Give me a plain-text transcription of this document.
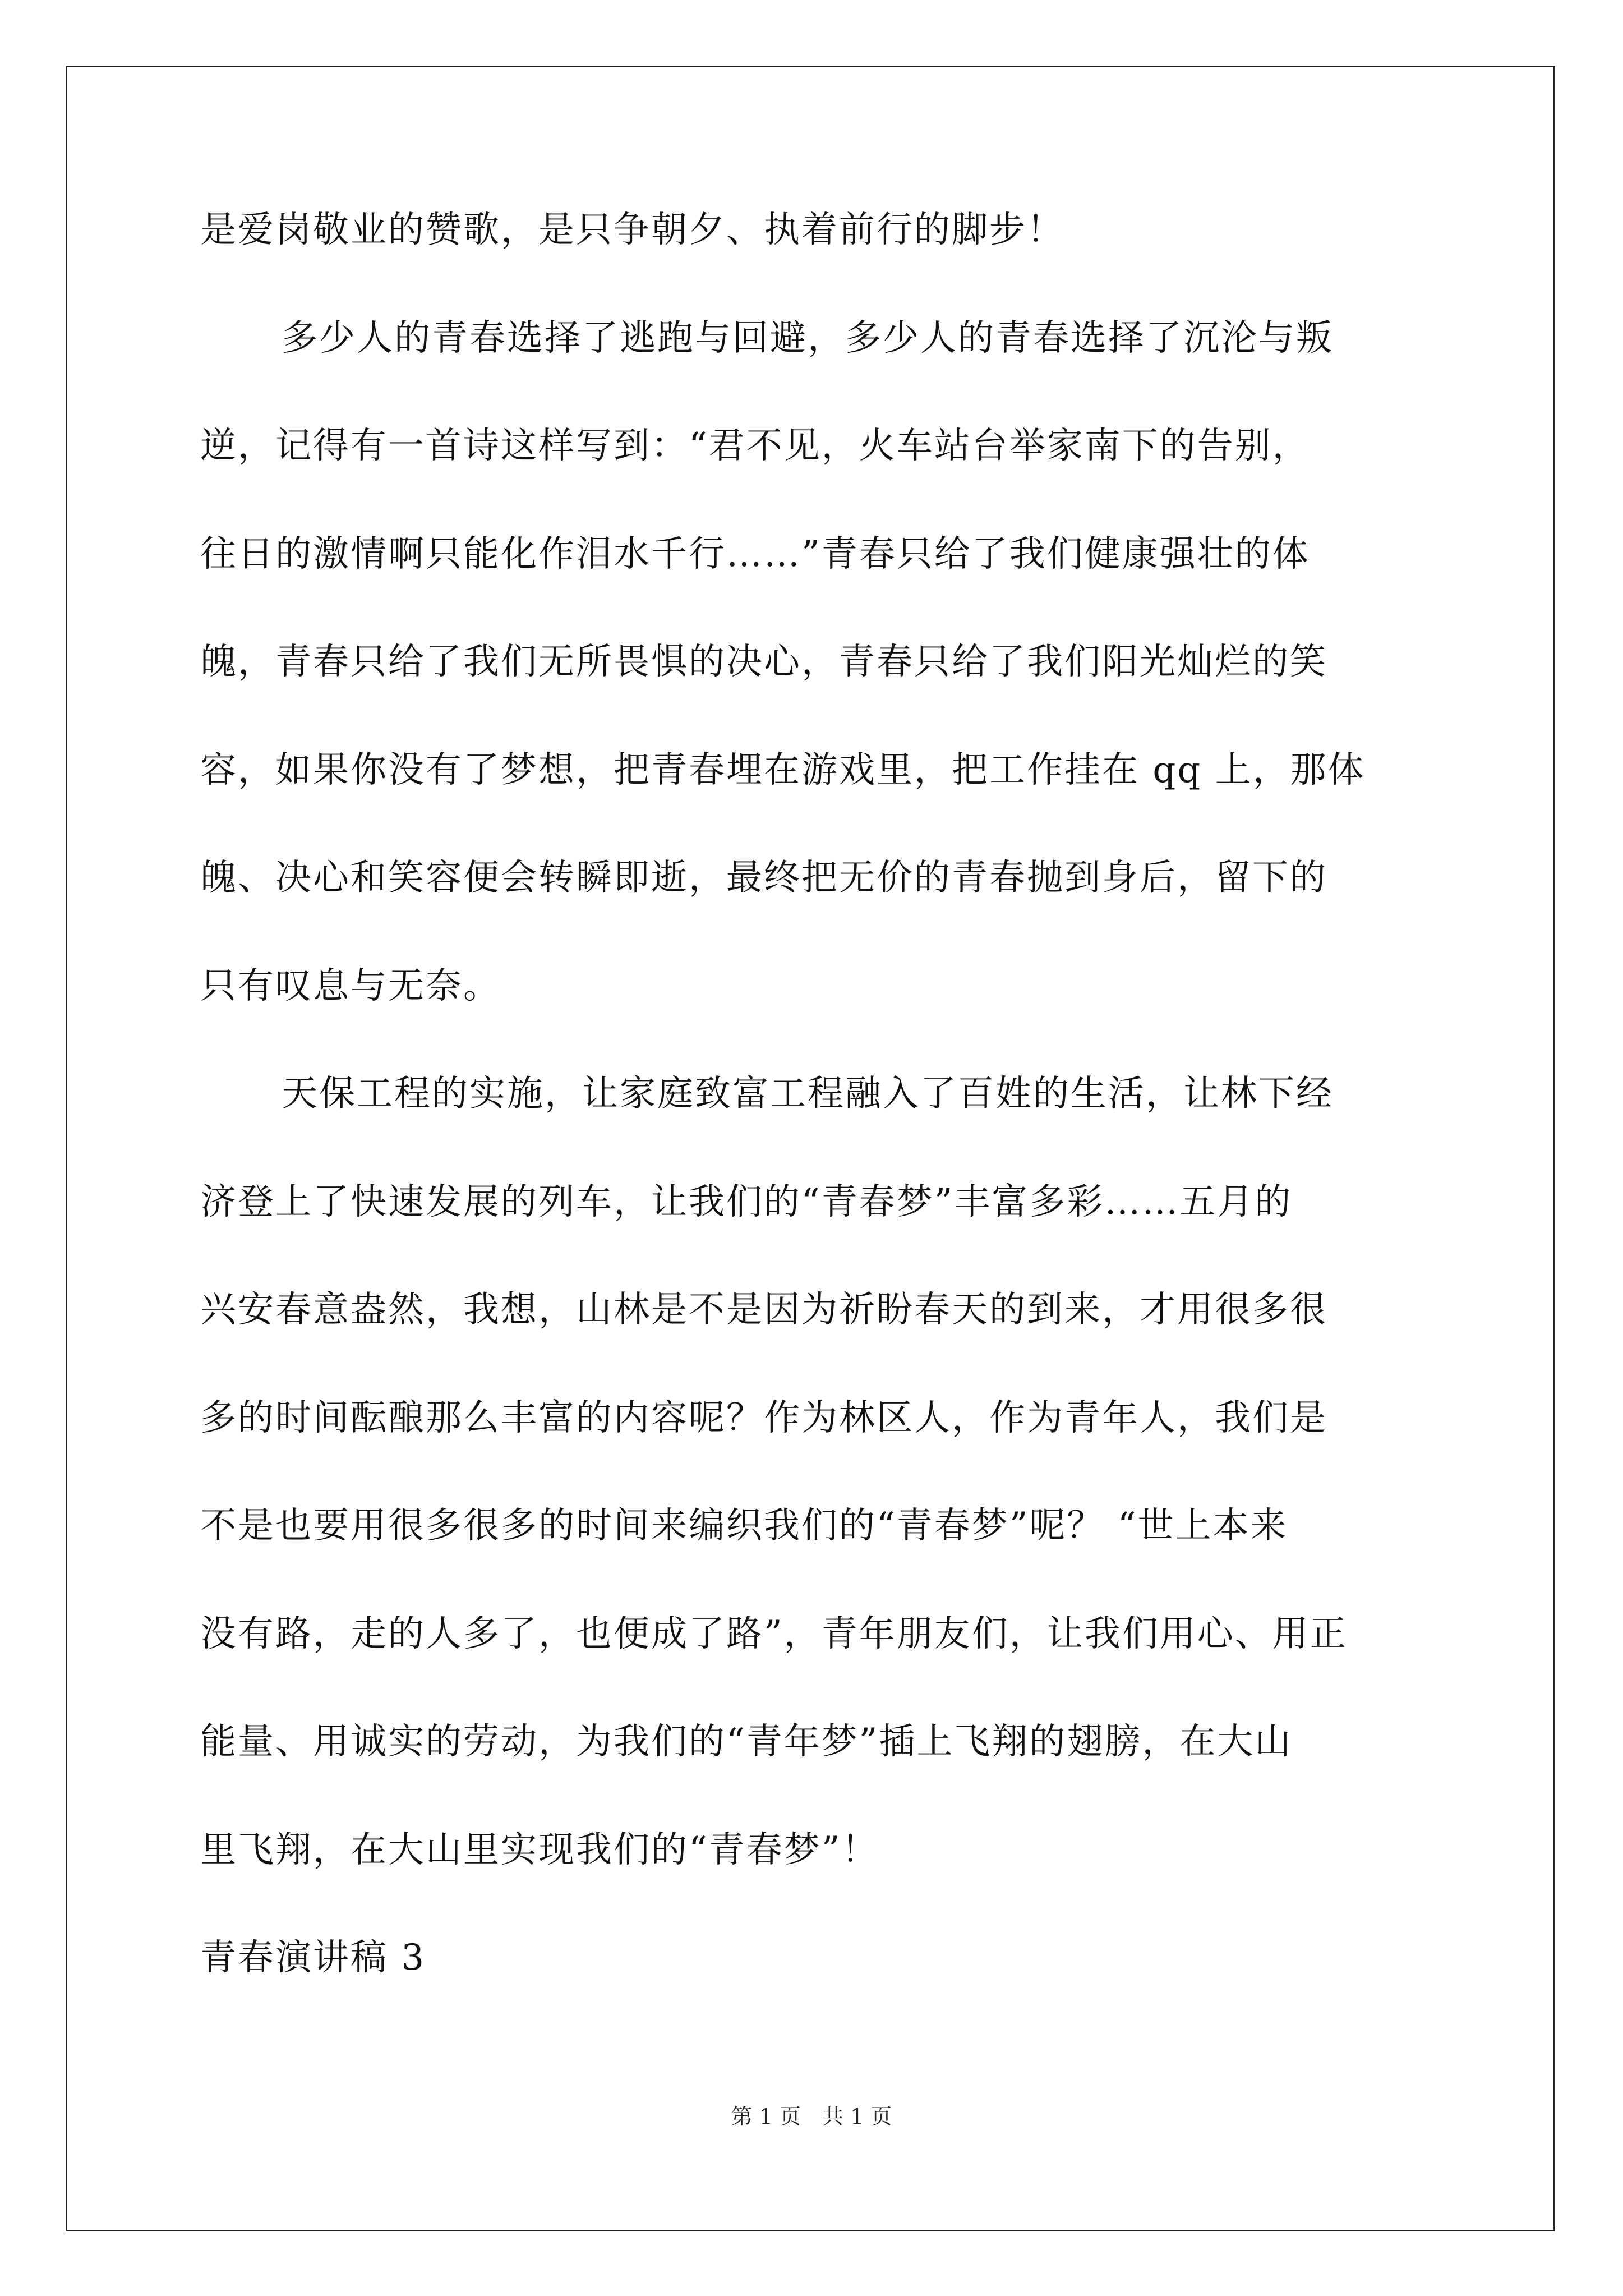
是爱岗敬业的赞歌，是只争朝夕、执着前行的脚步！
多少人的青春选择了逃跑与回避，多少人的青春选择了沉沦与叛
逆，记得有一首诗这样写到：“君不见，火车站台举家南下的告别，
往日的激情啊只能化作泪水千行……”青春只给了我们健康强壮的体
魄，青春只给了我们无所畏惧的决心，青春只给了我们阳光灿烂的笑
容，如果你没有了梦想，把青春埋在游戏里，把工作挂在 qq 上，那体
魄、决心和笑容便会转瞬即逝，最终把无价的青春抛到身后，留下的
只有叹息与无奈。
天保工程的实施，让家庭致富工程融入了百姓的生活，让林下经
济登上了快速发展的列车，让我们的“青春梦”丰富多彩……五月的
兴安春意盎然，我想，山林是不是因为祈盼春天的到来，才用很多很
多的时间酝酿那么丰富的内容呢？作为林区人，作为青年人，我们是
不是也要用很多很多的时间来编织我们的“青春梦”呢？ “世上本来
没有路，走的人多了，也便成了路”，青年朋友们，让我们用心、用正
能量、用诚实的劳动，为我们的“青年梦”插上飞翔的翅膀，在大山
里飞翔，在大山里实现我们的“青春梦”！
青春演讲稿 3
第 1 页　共 1 页
